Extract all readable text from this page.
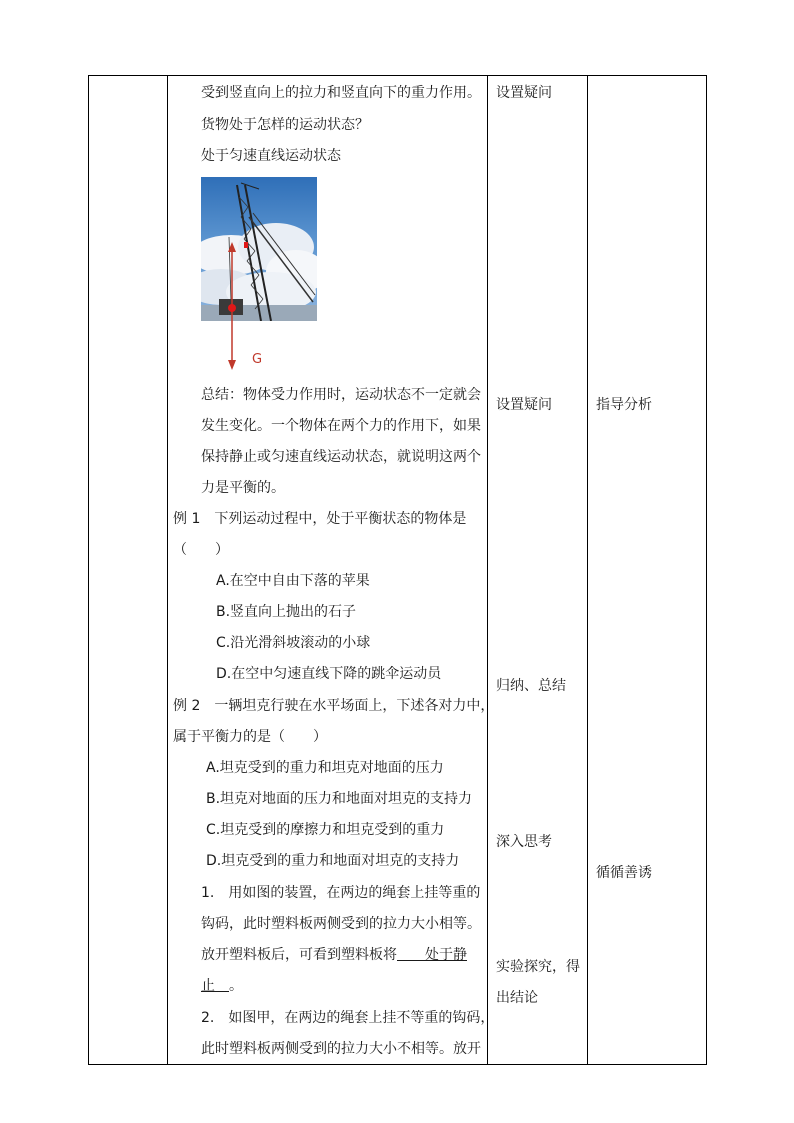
受到竖直向上的拉力和竖直向下的重力作用。
货物处于怎样的运动状态？
处于匀速直线运动状态
G
总结：物体受力作用时，运动状态不一定就会
发生变化。一个物体在两个力的作用下，如果
保持静止或匀速直线运动状态，就说明这两个
力是平衡的。
例 1　下列运动过程中，处于平衡状态的物体是
（　　）
A.在空中自由下落的苹果
B.竖直向上抛出的石子
C.沿光滑斜坡滚动的小球
D.在空中匀速直线下降的跳伞运动员
例 2　一辆坦克行驶在水平场面上，下述各对力中，
属于平衡力的是（　　）
A.坦克受到的重力和坦克对地面的压力
B.坦克对地面的压力和地面对坦克的支持力
C.坦克受到的摩擦力和坦克受到的重力
D.坦克受到的重力和地面对坦克的支持力
1.　用如图的装置，在两边的绳套上挂等重的
钩码，此时塑料板两侧受到的拉力大小相等。
放开塑料板后，可看到塑料板将　　处于静
止　。
2.　如图甲，在两边的绳套上挂不等重的钩码，
此时塑料板两侧受到的拉力大小不相等。放开
设置疑问
设置疑问
归纳、总结
深入思考
实验探究，得
出结论
指导分析
循循善诱
